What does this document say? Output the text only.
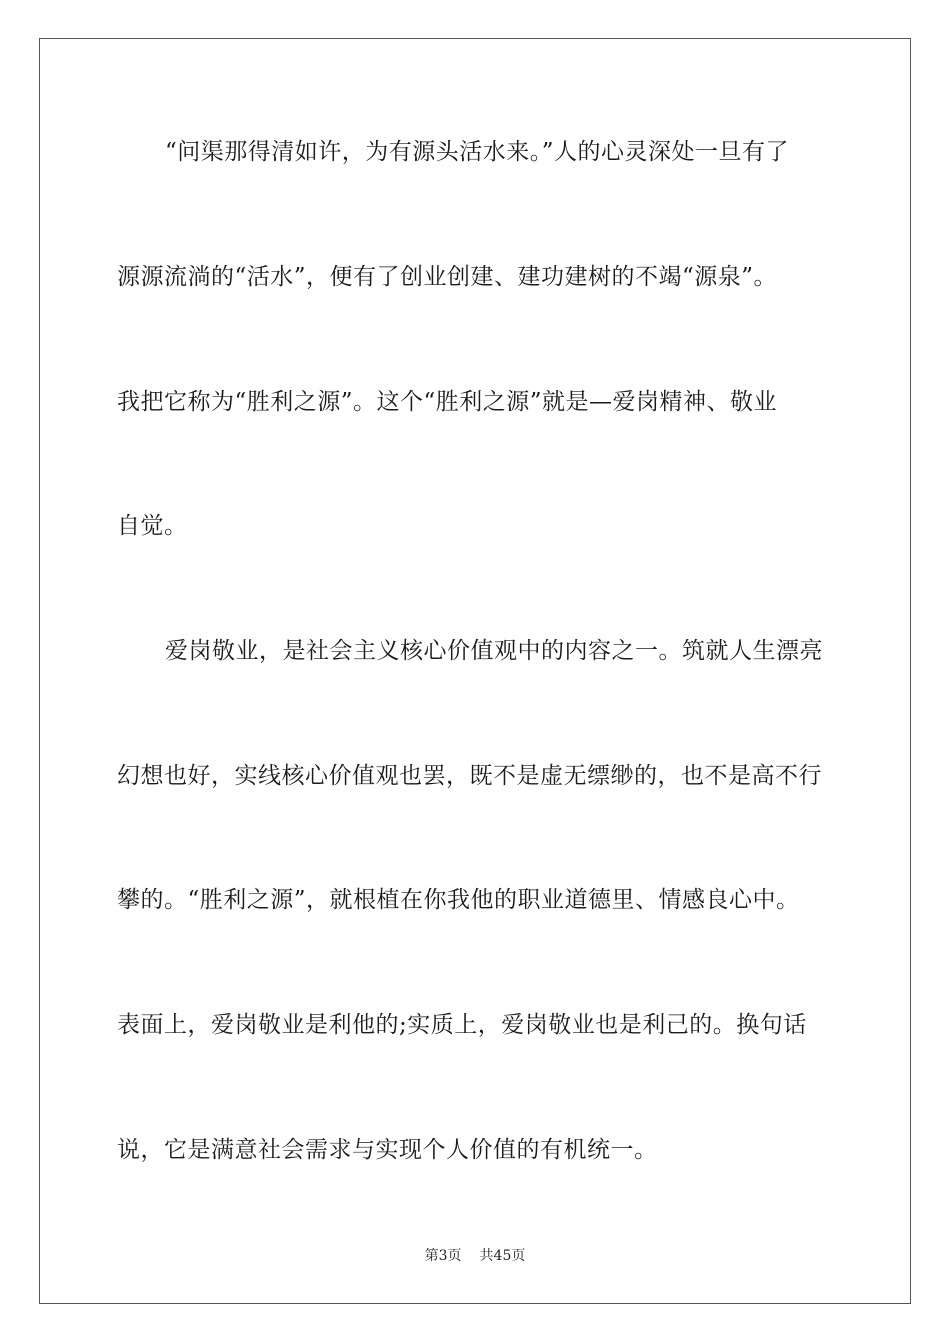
“问渠那得清如许，为有源头活水来。”人的心灵深处一旦有了
源源流淌的“活水”，便有了创业创建、建功建树的不竭“源泉”。
我把它称为“胜利之源”。这个“胜利之源”就是—爱岗精神、敬业
自觉。
爱岗敬业，是社会主义核心价值观中的内容之一。筑就人生漂亮
幻想也好，实线核心价值观也罢，既不是虚无缥缈的，也不是高不行
攀的。“胜利之源”，就根植在你我他的职业道德里、情感良心中。
表面上，爱岗敬业是利他的;实质上，爱岗敬业也是利己的。换句话
说，它是满意社会需求与实现个人价值的有机统一。
第3页 共45页
